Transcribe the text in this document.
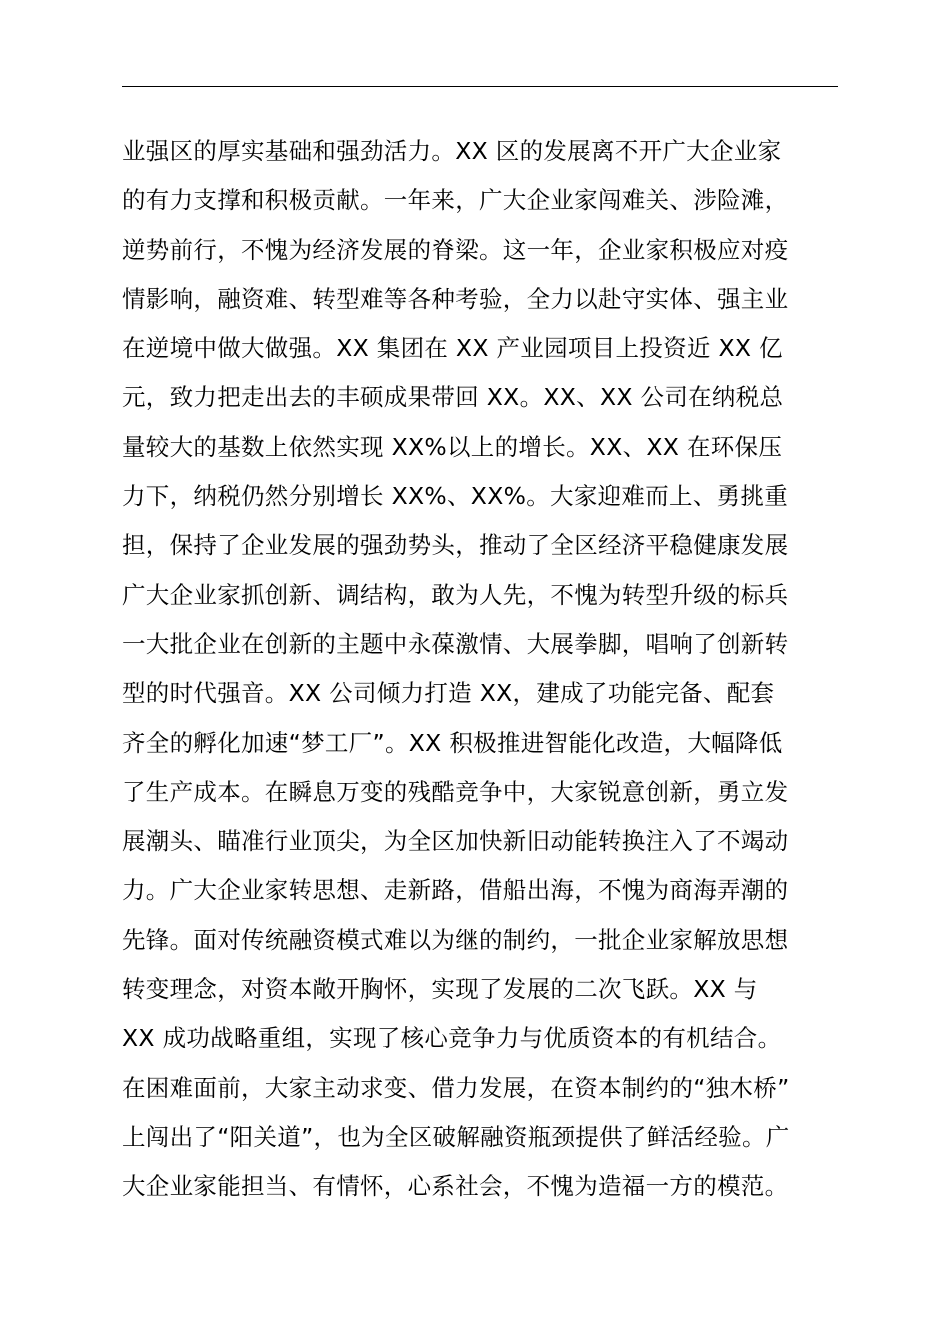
业强区的厚实基础和强劲活力。XX 区的发展离不开广大企业家
的有力支撑和积极贡献。一年来，广大企业家闯难关、涉险滩，
逆势前行，不愧为经济发展的脊梁。这一年，企业家积极应对疫
情影响，融资难、转型难等各种考验，全力以赴守实体、强主业
在逆境中做大做强。XX 集团在 XX 产业园项目上投资近 XX 亿
元，致力把走出去的丰硕成果带回 XX。XX、XX 公司在纳税总
量较大的基数上依然实现 XX%以上的增长。XX、XX 在环保压
力下，纳税仍然分别增长 XX%、XX%。大家迎难而上、勇挑重
担，保持了企业发展的强劲势头，推动了全区经济平稳健康发展
广大企业家抓创新、调结构，敢为人先，不愧为转型升级的标兵
一大批企业在创新的主题中永葆激情、大展拳脚，唱响了创新转
型的时代强音。XX 公司倾力打造 XX，建成了功能完备、配套
齐全的孵化加速“梦工厂”。XX 积极推进智能化改造，大幅降低
了生产成本。在瞬息万变的残酷竞争中，大家锐意创新，勇立发
展潮头、瞄准行业顶尖，为全区加快新旧动能转换注入了不竭动
力。广大企业家转思想、走新路，借船出海，不愧为商海弄潮的
先锋。面对传统融资模式难以为继的制约，一批企业家解放思想
转变理念，对资本敞开胸怀，实现了发展的二次飞跃。XX 与
XX 成功战略重组，实现了核心竞争力与优质资本的有机结合。
在困难面前，大家主动求变、借力发展，在资本制约的“独木桥”
上闯出了“阳关道”，也为全区破解融资瓶颈提供了鲜活经验。广
大企业家能担当、有情怀，心系社会，不愧为造福一方的模范。
